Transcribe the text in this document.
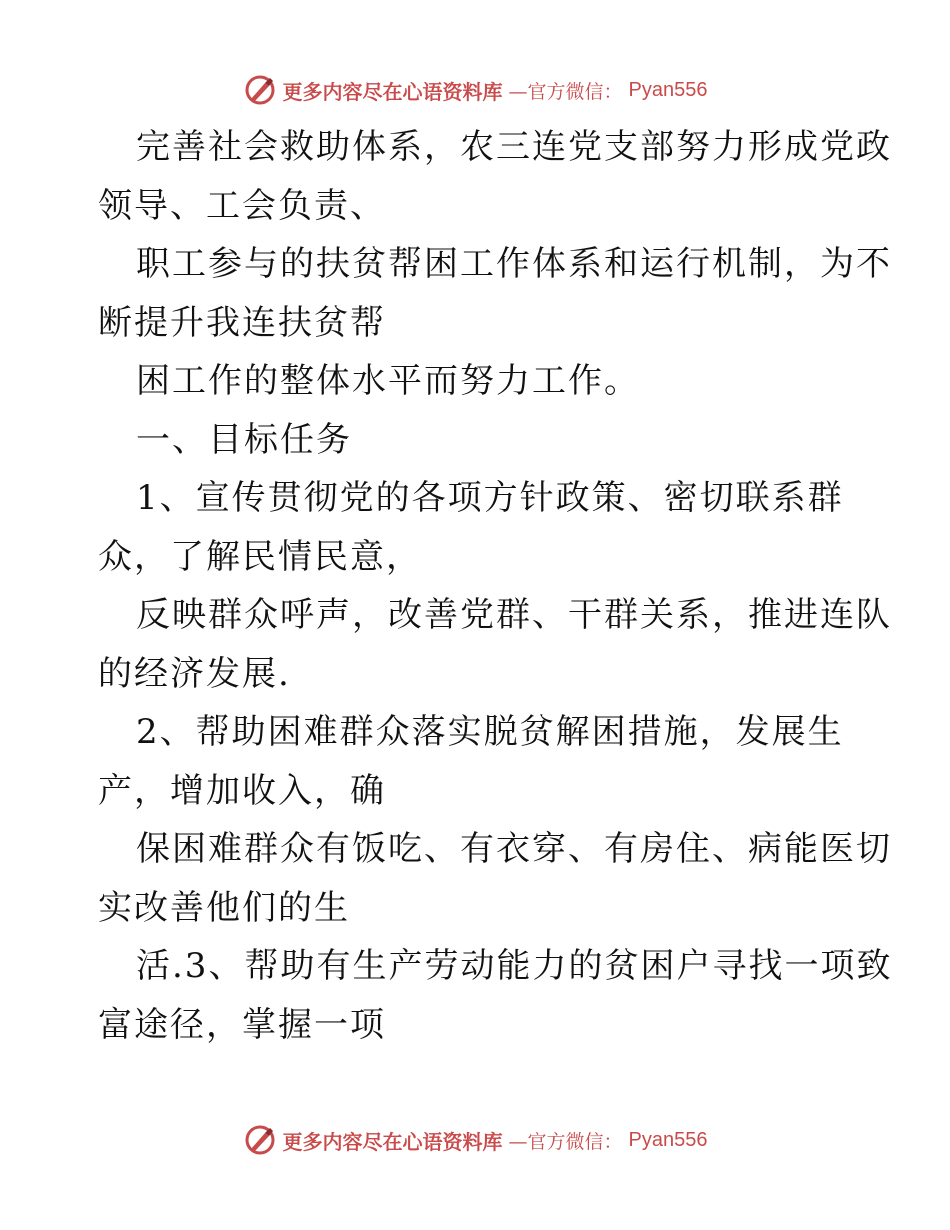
更多内容尽在心语资料库 —官方微信： Pyan556
完善社会救助体系，农三连党支部努力形成党政
领导、工会负责、
职工参与的扶贫帮困工作体系和运行机制，为不
断提升我连扶贫帮
困工作的整体水平而努力工作。
一、目标任务
1、宣传贯彻党的各项方针政策、密切联系群
众，了解民情民意，
反映群众呼声，改善党群、干群关系，推进连队
的经济发展.
2、帮助困难群众落实脱贫解困措施，发展生
产，增加收入，确
保困难群众有饭吃、有衣穿、有房住、病能医切
实改善他们的生
活.3、帮助有生产劳动能力的贫困户寻找一项致
富途径，掌握一项
更多内容尽在心语资料库 —官方微信： Pyan556
